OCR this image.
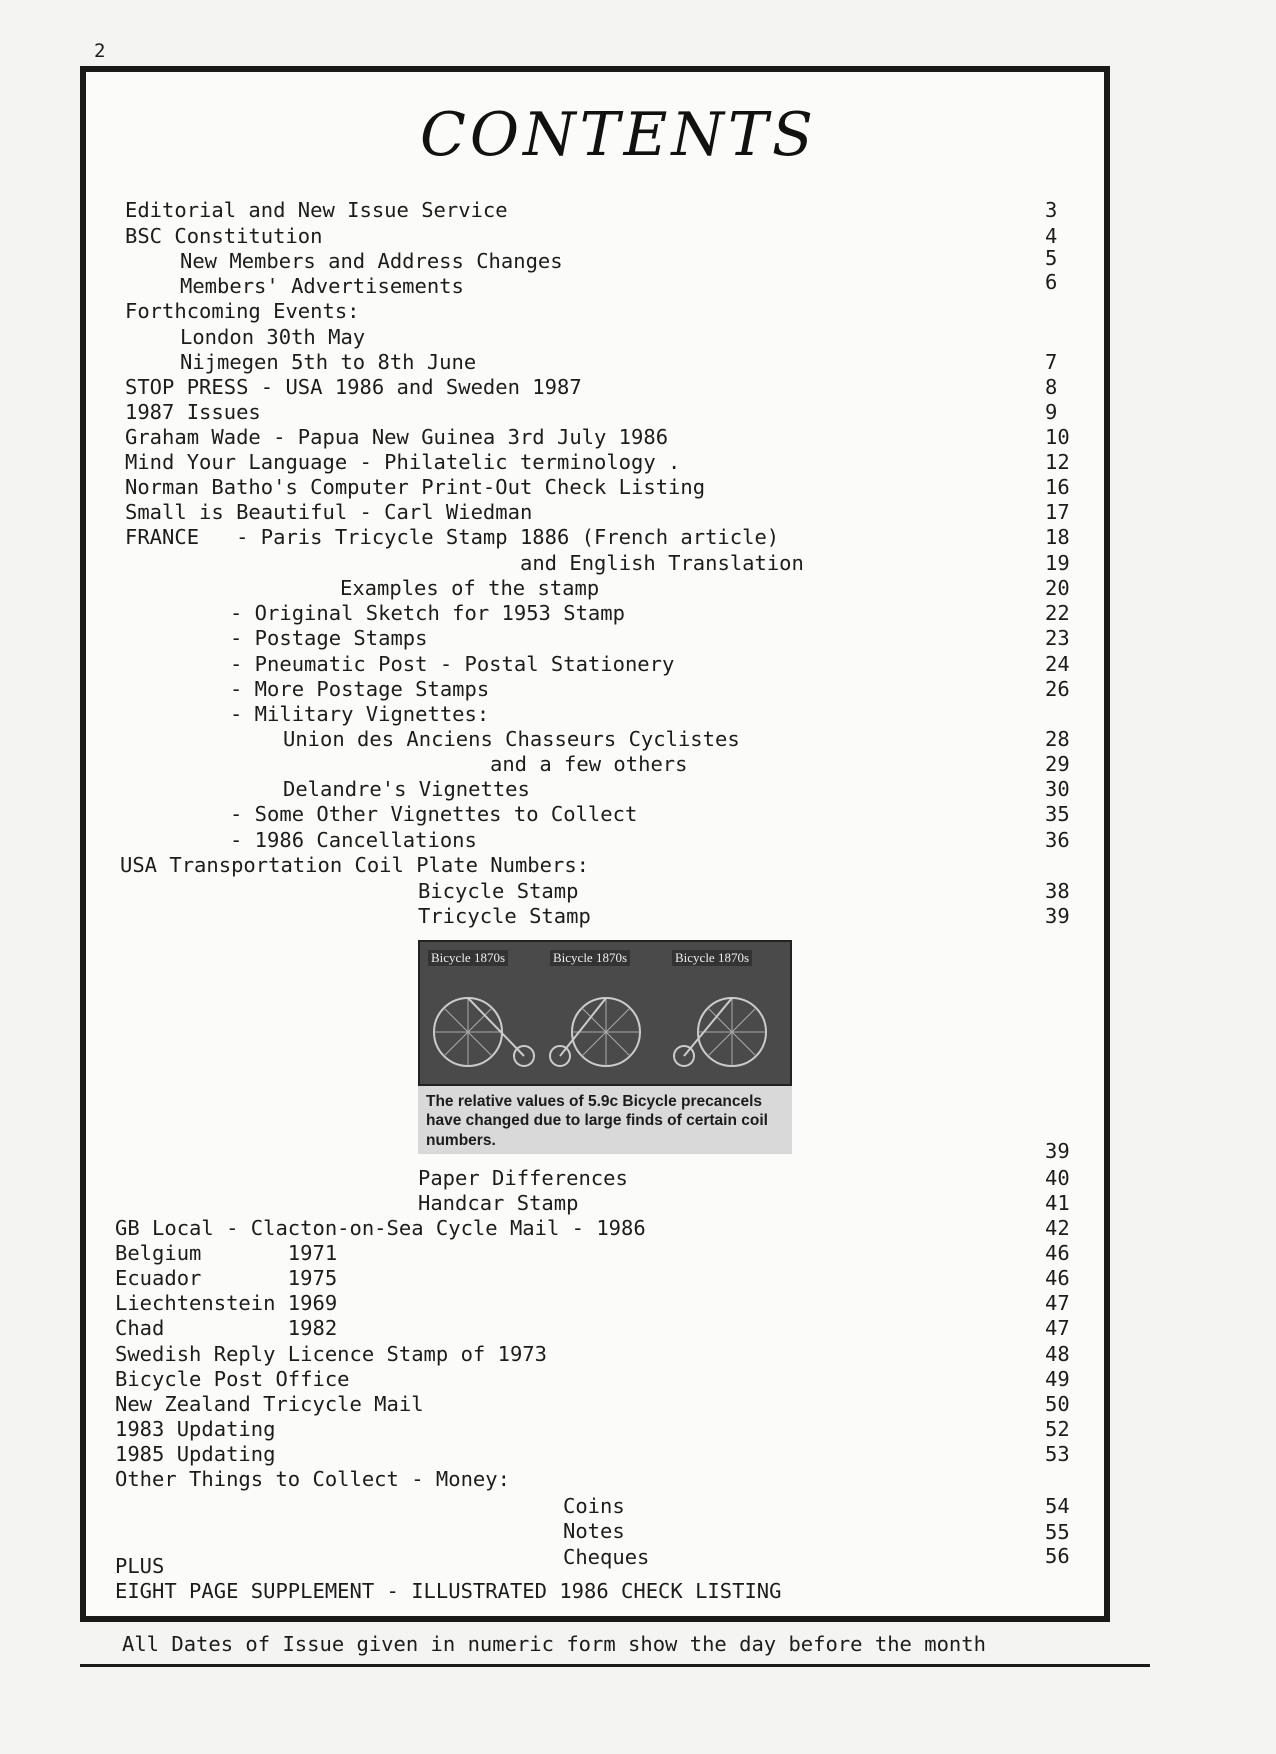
2
CONTENTS
Editorial and New Issue Service	3
BSC Constitution	4
New Members and Address Changes	5
Members' Advertisements	6
Forthcoming Events:
London 30th May
Nijmegen 5th to 8th June	7
STOP PRESS - USA 1986 and Sweden 1987	8
1987 Issues	9
Graham Wade - Papua New Guinea 3rd July 1986	10
Mind Your Language - Philatelic terminology .	12
Norman Batho's Computer Print-Out Check Listing	16
Small is Beautiful - Carl Wiedman	17
FRANCE   - Paris Tricycle Stamp 1886 (French article)	18
and English Translation	19
Examples of the stamp	20
- Original Sketch for 1953 Stamp	22
- Postage Stamps	23
- Pneumatic Post - Postal Stationery	24
- More Postage Stamps	26
- Military Vignettes:
Union des Anciens Chasseurs Cyclistes	28
and a few others	29
Delandre's Vignettes	30
- Some Other Vignettes to Collect	35
- 1986 Cancellations	36
USA Transportation Coil Plate Numbers:
Bicycle Stamp	38
Tricycle Stamp	39
39
Paper Differences	40
Handcar Stamp	41
GB Local - Clacton-on-Sea Cycle Mail - 1986	42
Belgium       1971	46
Ecuador       1975	46
Liechtenstein 1969	47
Chad          1982	47
Swedish Reply Licence Stamp of 1973	48
Bicycle Post Office	49
New Zealand Tricycle Mail	50
1983 Updating	52
1985 Updating	53
Other Things to Collect - Money:
Coins	54
Notes	55
Cheques	56
PLUS
EIGHT PAGE SUPPLEMENT - ILLUSTRATED 1986 CHECK LISTING
Bicycle 1870s	Bicycle 1870s	Bicycle 1870s
The relative values of 5.9c Bicycle precancels have changed due to large finds of certain coil numbers.
All Dates of Issue given in numeric form show the day before the month
